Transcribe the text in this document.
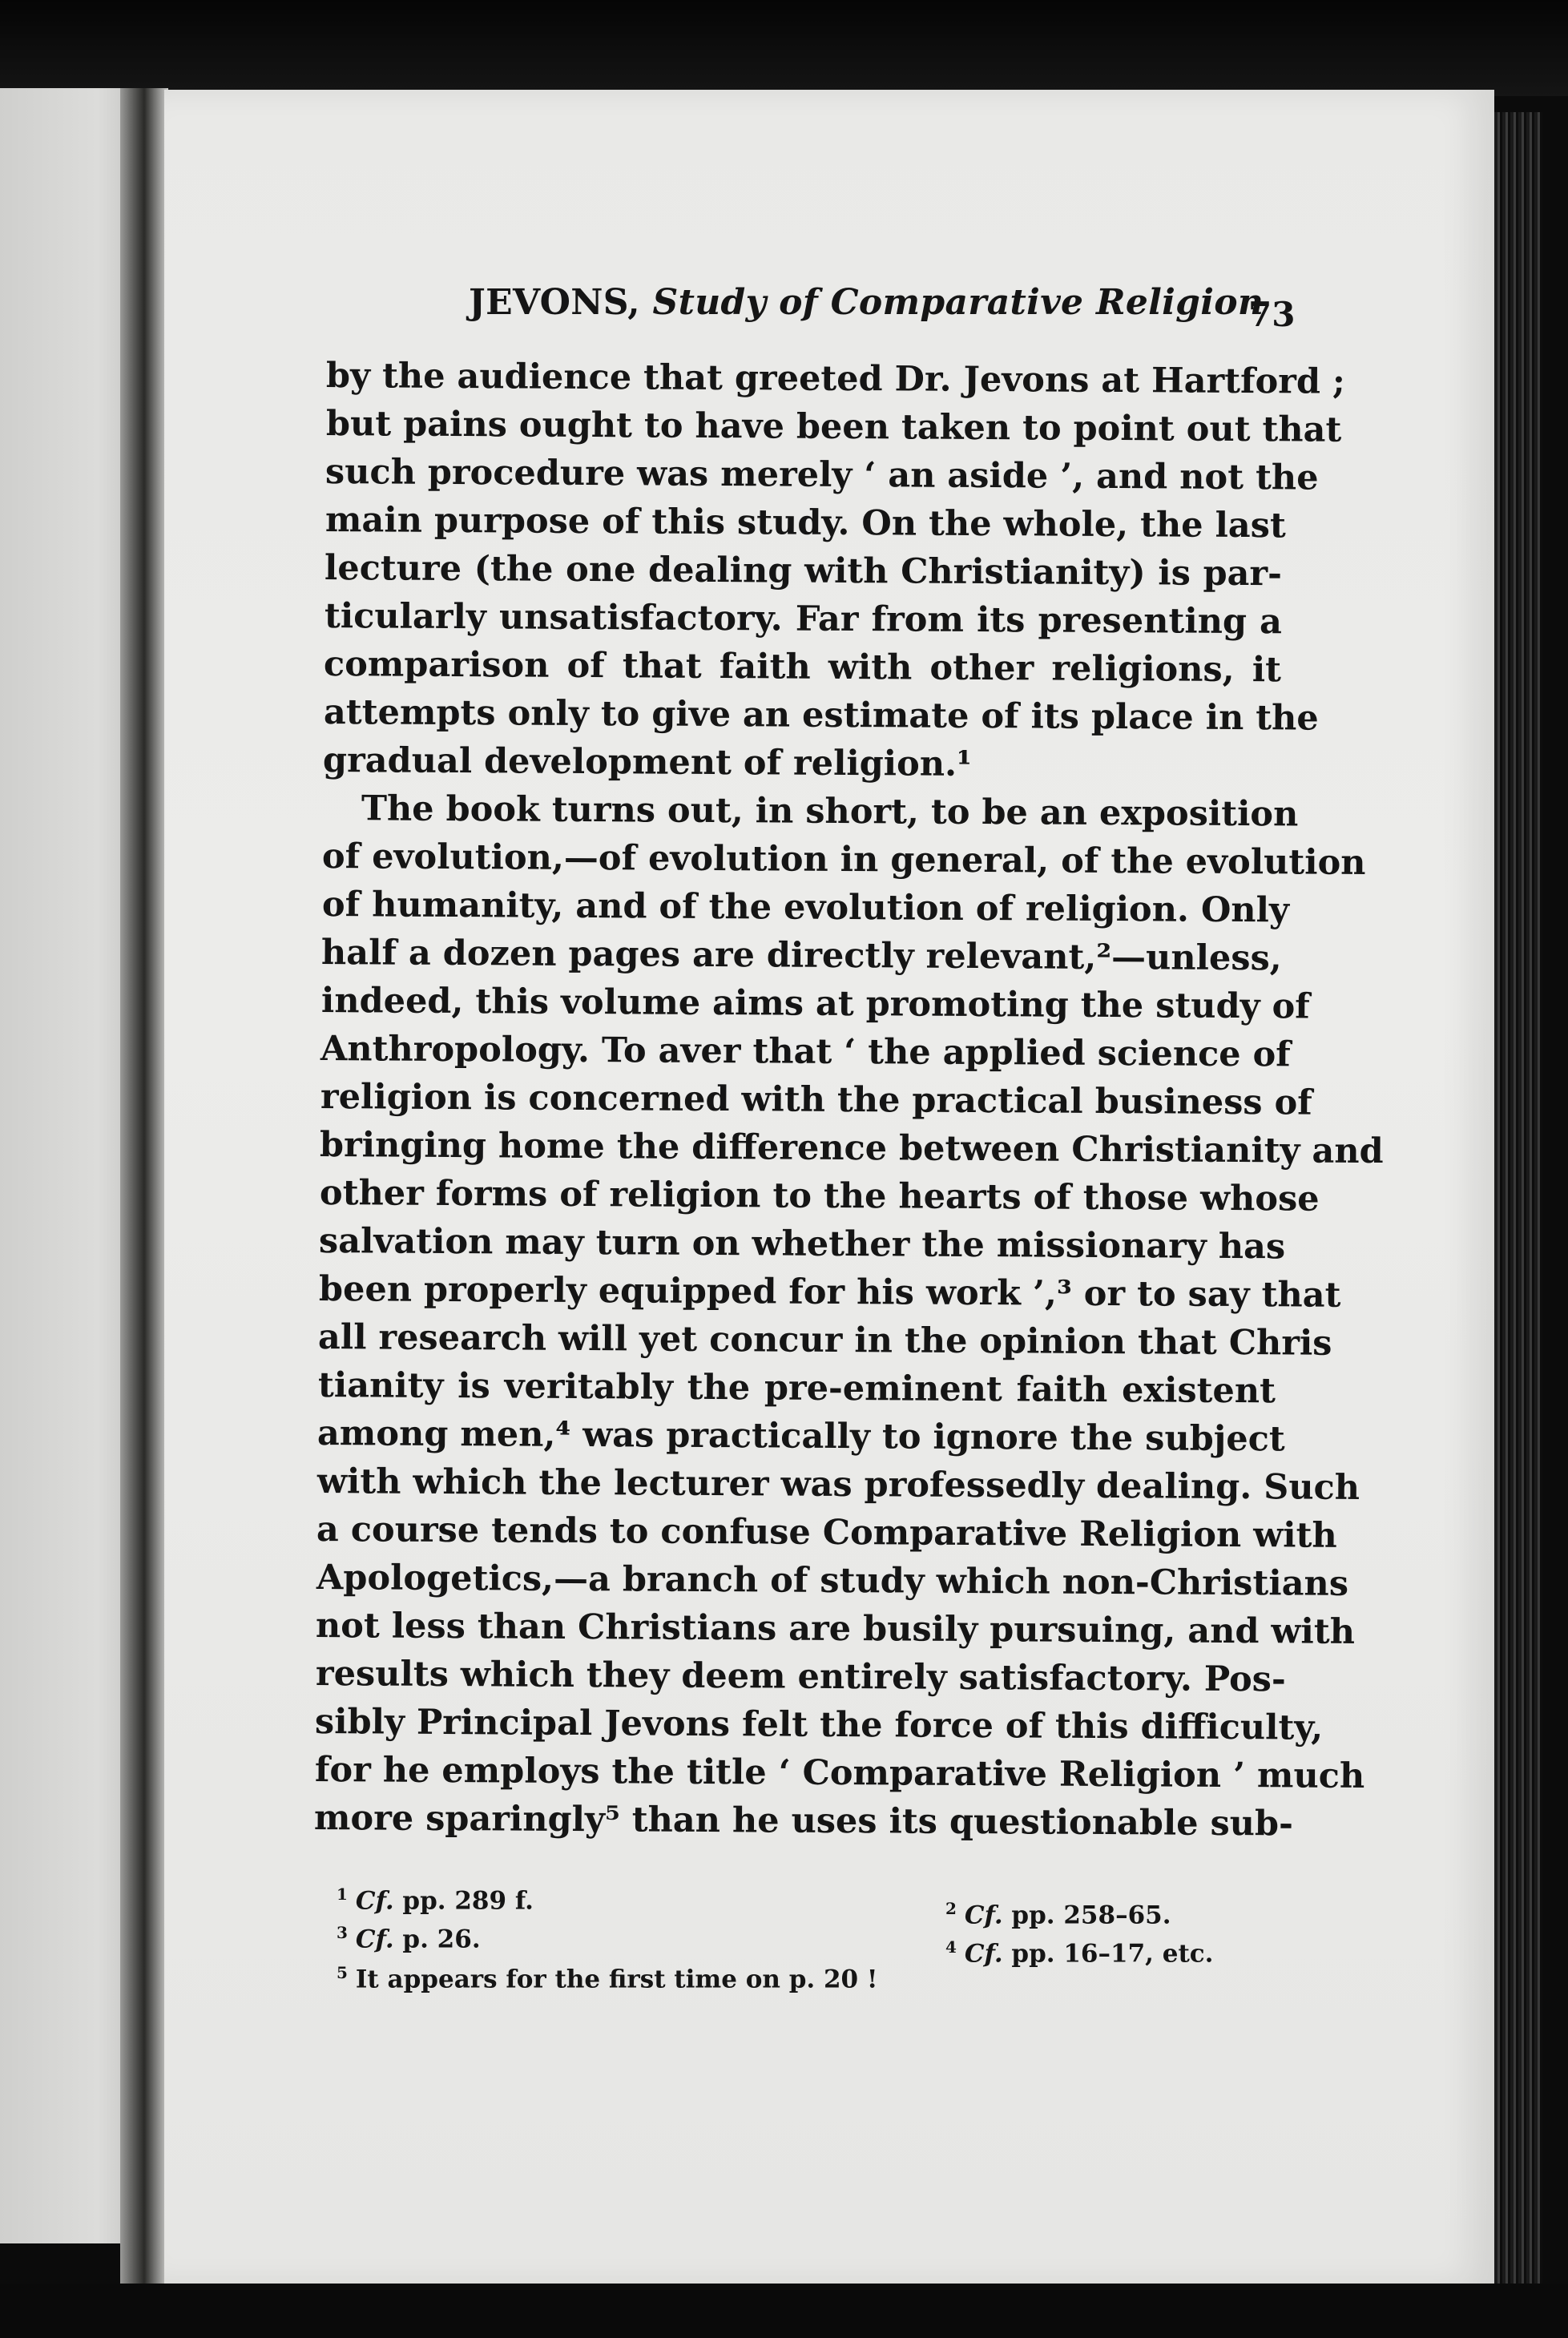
JEVONS, Study of Comparative Religion
73
by the audience that greeted Dr. Jevons at Hartford ;
but pains ought to have been taken to point out that
such procedure was merely ‘ an aside ’, and not the
main purpose of this study. On the whole, the last
lecture (the one dealing with Christianity) is par-
ticularly unsatisfactory. Far from its presenting a
comparison of that faith with other religions, it
attempts only to give an estimate of its place in the
gradual development of religion.¹
The book turns out, in short, to be an exposition
of evolution,—of evolution in general, of the evolution
of humanity, and of the evolution of religion. Only
half a dozen pages are directly relevant,²—unless,
indeed, this volume aims at promoting the study of
Anthropology. To aver that ‘ the applied science of
religion is concerned with the practical business of
bringing home the difference between Christianity and
other forms of religion to the hearts of those whose
salvation may turn on whether the missionary has
been properly equipped for his work ’,³ or to say that
all research will yet concur in the opinion that Chris
tianity is veritably the pre-eminent faith existent
among men,⁴ was practically to ignore the subject
with which the lecturer was professedly dealing. Such
a course tends to confuse Comparative Religion with
Apologetics,—a branch of study which non-Christians
not less than Christians are busily pursuing, and with
results which they deem entirely satisfactory. Pos-
sibly Principal Jevons felt the force of this difficulty,
for he employs the title ‘ Comparative Religion ’ much
more sparingly⁵ than he uses its questionable sub-
$^1$ Cf. pp. 289 f.	$^2$ Cf. pp. 258–65.
$^3$ Cf. p. 26.	$^4$ Cf. pp. 16–17, etc.
$^5$ It appears for the first time on p. 20 !
